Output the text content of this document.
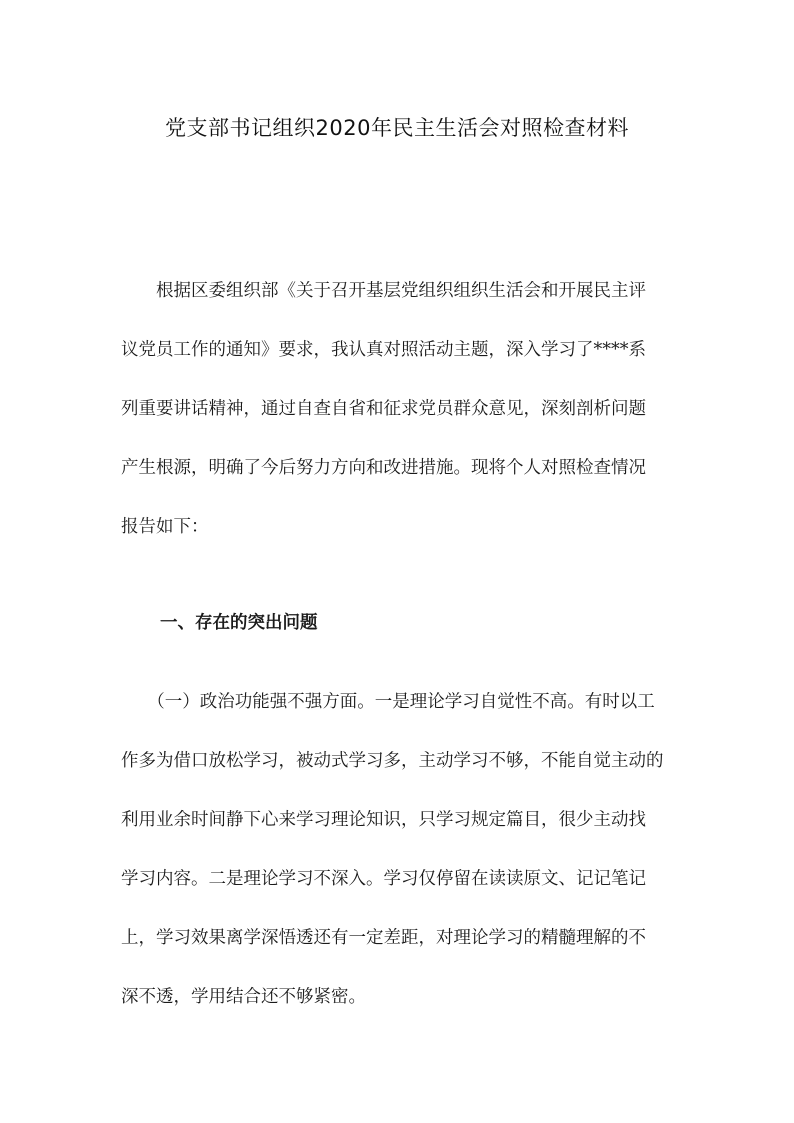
党支部书记组织2020年民主生活会对照检查材料
　　根据区委组织部《关于召开基层党组织组织生活会和开展民主评
议党员工作的通知》要求，我认真对照活动主题，深入学习了****系
列重要讲话精神，通过自查自省和征求党员群众意见，深刻剖析问题
产生根源，明确了今后努力方向和改进措施。现将个人对照检查情况
报告如下：
一、存在的突出问题
　　（一）政治功能强不强方面。一是理论学习自觉性不高。有时以工
作多为借口放松学习，被动式学习多，主动学习不够，不能自觉主动的
利用业余时间静下心来学习理论知识，只学习规定篇目，很少主动找
学习内容。二是理论学习不深入。学习仅停留在读读原文、记记笔记
上，学习效果离学深悟透还有一定差距，对理论学习的精髓理解的不
深不透，学用结合还不够紧密。
